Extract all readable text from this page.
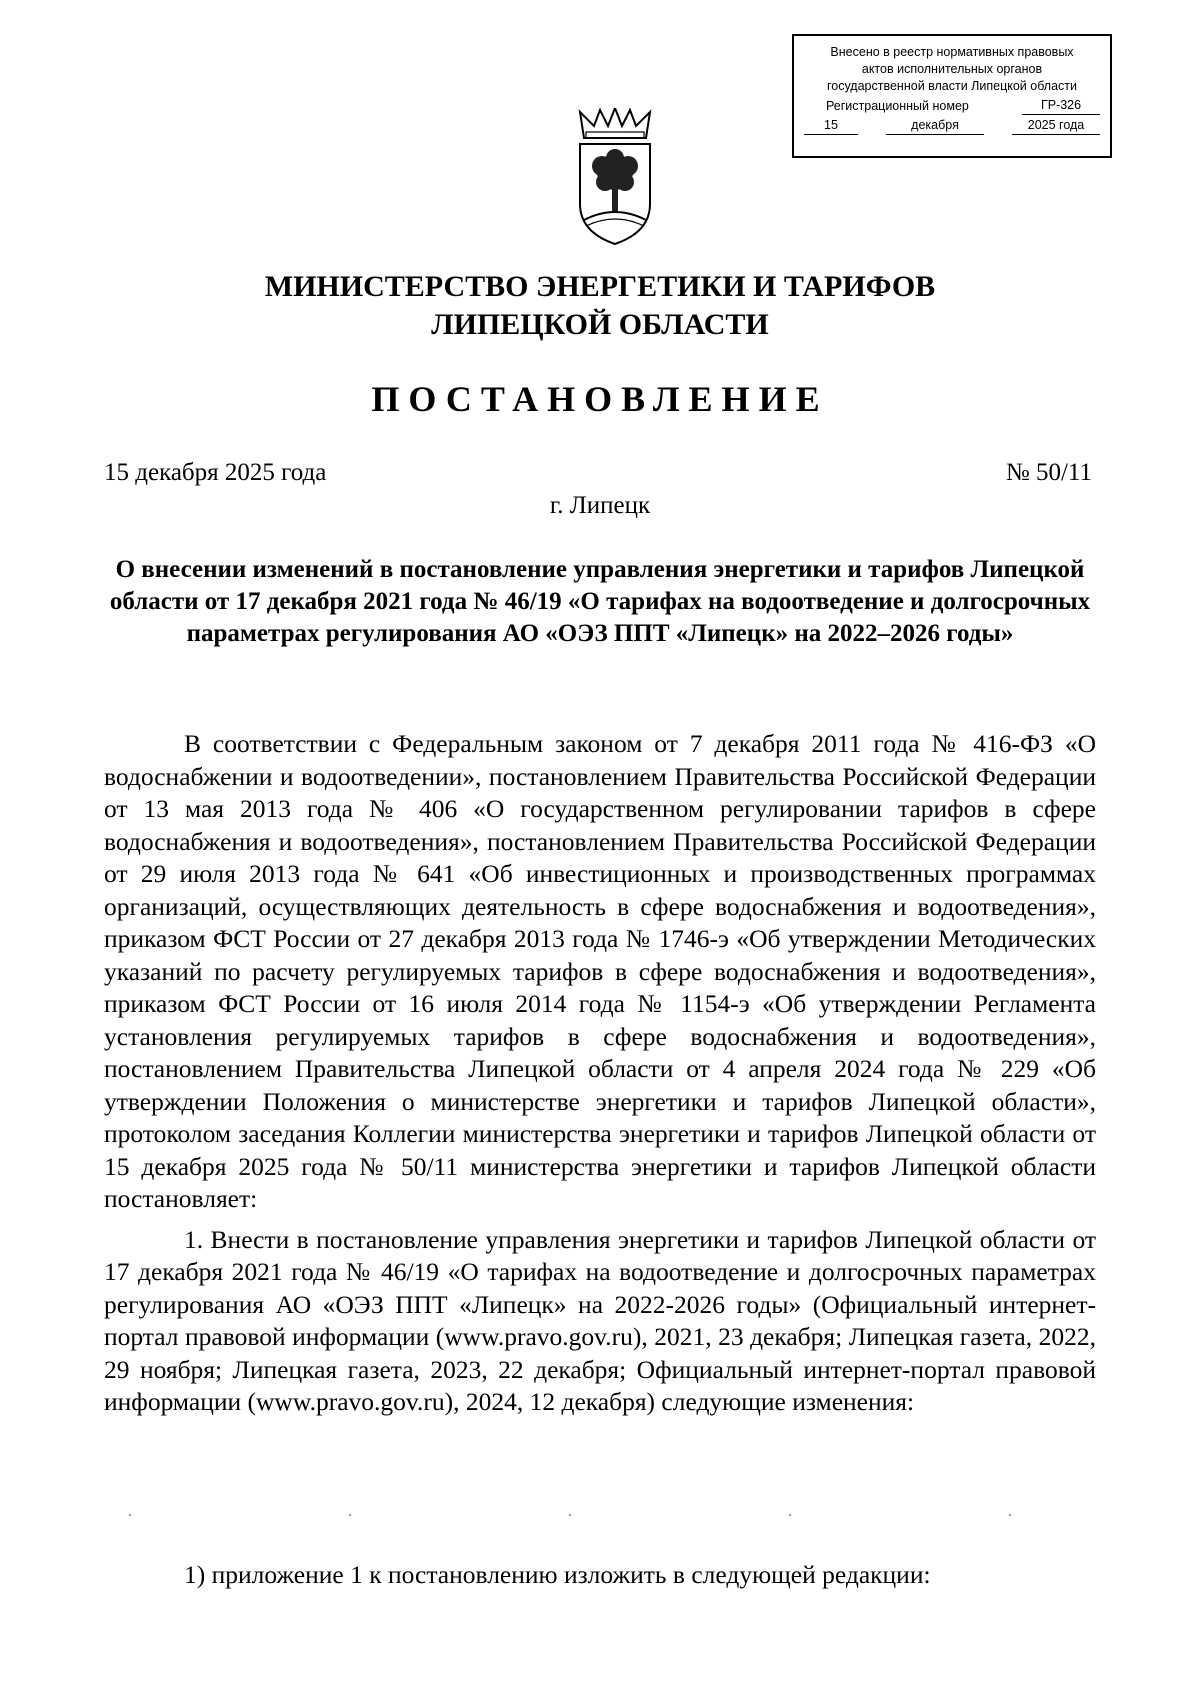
Внесено в реестр нормативных правовых
актов исполнительных органов
государственной власти Липецкой области
Регистрационный номер	ГР-326
15	декабря	2025 года
МИНИСТЕРСТВО ЭНЕРГЕТИКИ И ТАРИФОВ
ЛИПЕЦКОЙ ОБЛАСТИ
ПОСТАНОВЛЕНИЕ
15 декабря 2025 года	№ 50/11
г. Липецк
О внесении изменений в постановление управления энергетики и тарифов Липецкой области от 17 декабря 2021 года № 46/19 «О тарифах на водоотведение и долгосрочных параметрах регулирования АО «ОЭЗ ППТ «Липецк» на 2022–2026 годы»

В соответствии с Федеральным законом от 7 декабря 2011 года № 416-ФЗ «О водоснабжении и водоотведении», постановлением Правительства Российской Федерации от 13 мая 2013 года № 406 «О государственном регулировании тарифов в сфере водоснабжения и водоотведения», постановлением Правительства Российской Федерации от 29 июля 2013 года № 641 «Об инвестиционных и производственных программах организаций, осуществляющих деятельность в сфере водоснабжения и водоотведения», приказом ФСТ России от 27 декабря 2013 года № 1746-э «Об утверждении Методических указаний по расчету регулируемых тарифов в сфере водоснабжения и водоотведения», приказом ФСТ России от 16 июля 2014 года № 1154-э «Об утверждении Регламента установления регулируемых тарифов в сфере водоснабжения и водоотведения», постановлением Правительства Липецкой области от 4 апреля 2024 года № 229 «Об утверждении Положения о министерстве энергетики и тарифов Липецкой области», протоколом заседания Коллегии министерства энергетики и тарифов Липецкой области от 15 декабря 2025 года № 50/11 министерства энергетики и тарифов Липецкой области постановляет:

1. Внести в постановление управления энергетики и тарифов Липецкой области от 17 декабря 2021 года № 46/19 «О тарифах на водоотведение и долгосрочных параметрах регулирования АО «ОЭЗ ППТ «Липецк» на 2022-2026 годы» (Официальный интернет-портал правовой информации (www.pravo.gov.ru), 2021, 23 декабря; Липецкая газета, 2022, 29 ноября; Липецкая газета, 2023, 22 декабря; Официальный интернет-портал правовой информации (www.pravo.gov.ru), 2024, 12 декабря) следующие изменения:

1) приложение 1 к постановлению изложить в следующей редакции:
